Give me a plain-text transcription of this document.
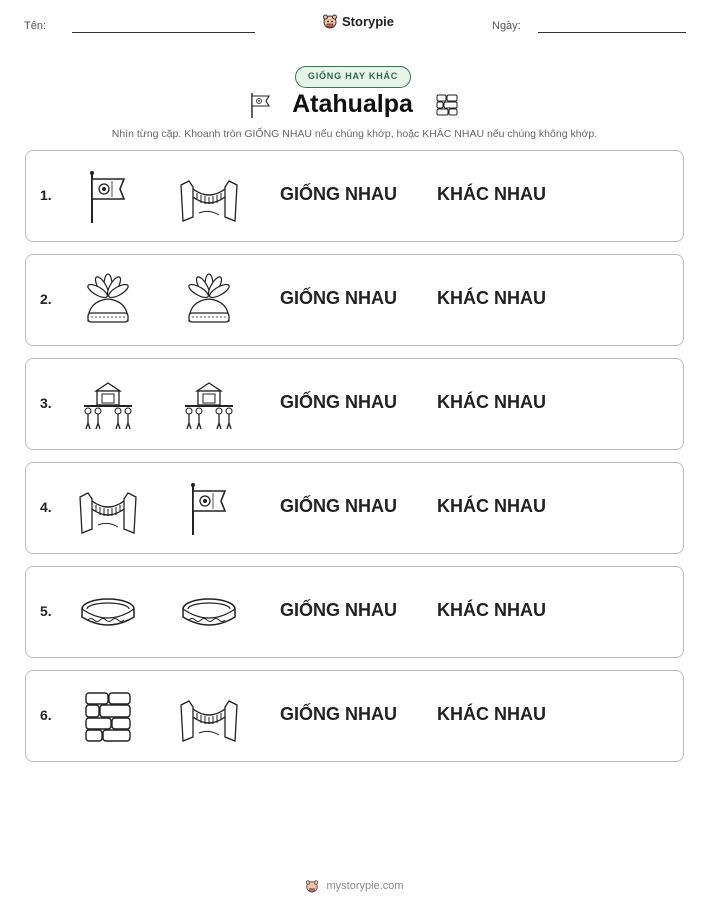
Tên:	Storypie	Ngày:
GIỐNG HAY KHÁC
Atahualpa
Nhìn từng cặp. Khoanh tròn GIỐNG NHAU nếu chúng khớp, hoặc KHÁC NHAU nếu chúng không khớp.
1.	GIỐNG NHAU KHÁC NHAU
2.	GIỐNG NHAU KHÁC NHAU
3.	GIỐNG NHAU KHÁC NHAU
4.	GIỐNG NHAU KHÁC NHAU
5.	GIỐNG NHAU KHÁC NHAU
6.	GIỐNG NHAU KHÁC NHAU
mystorypie.com
